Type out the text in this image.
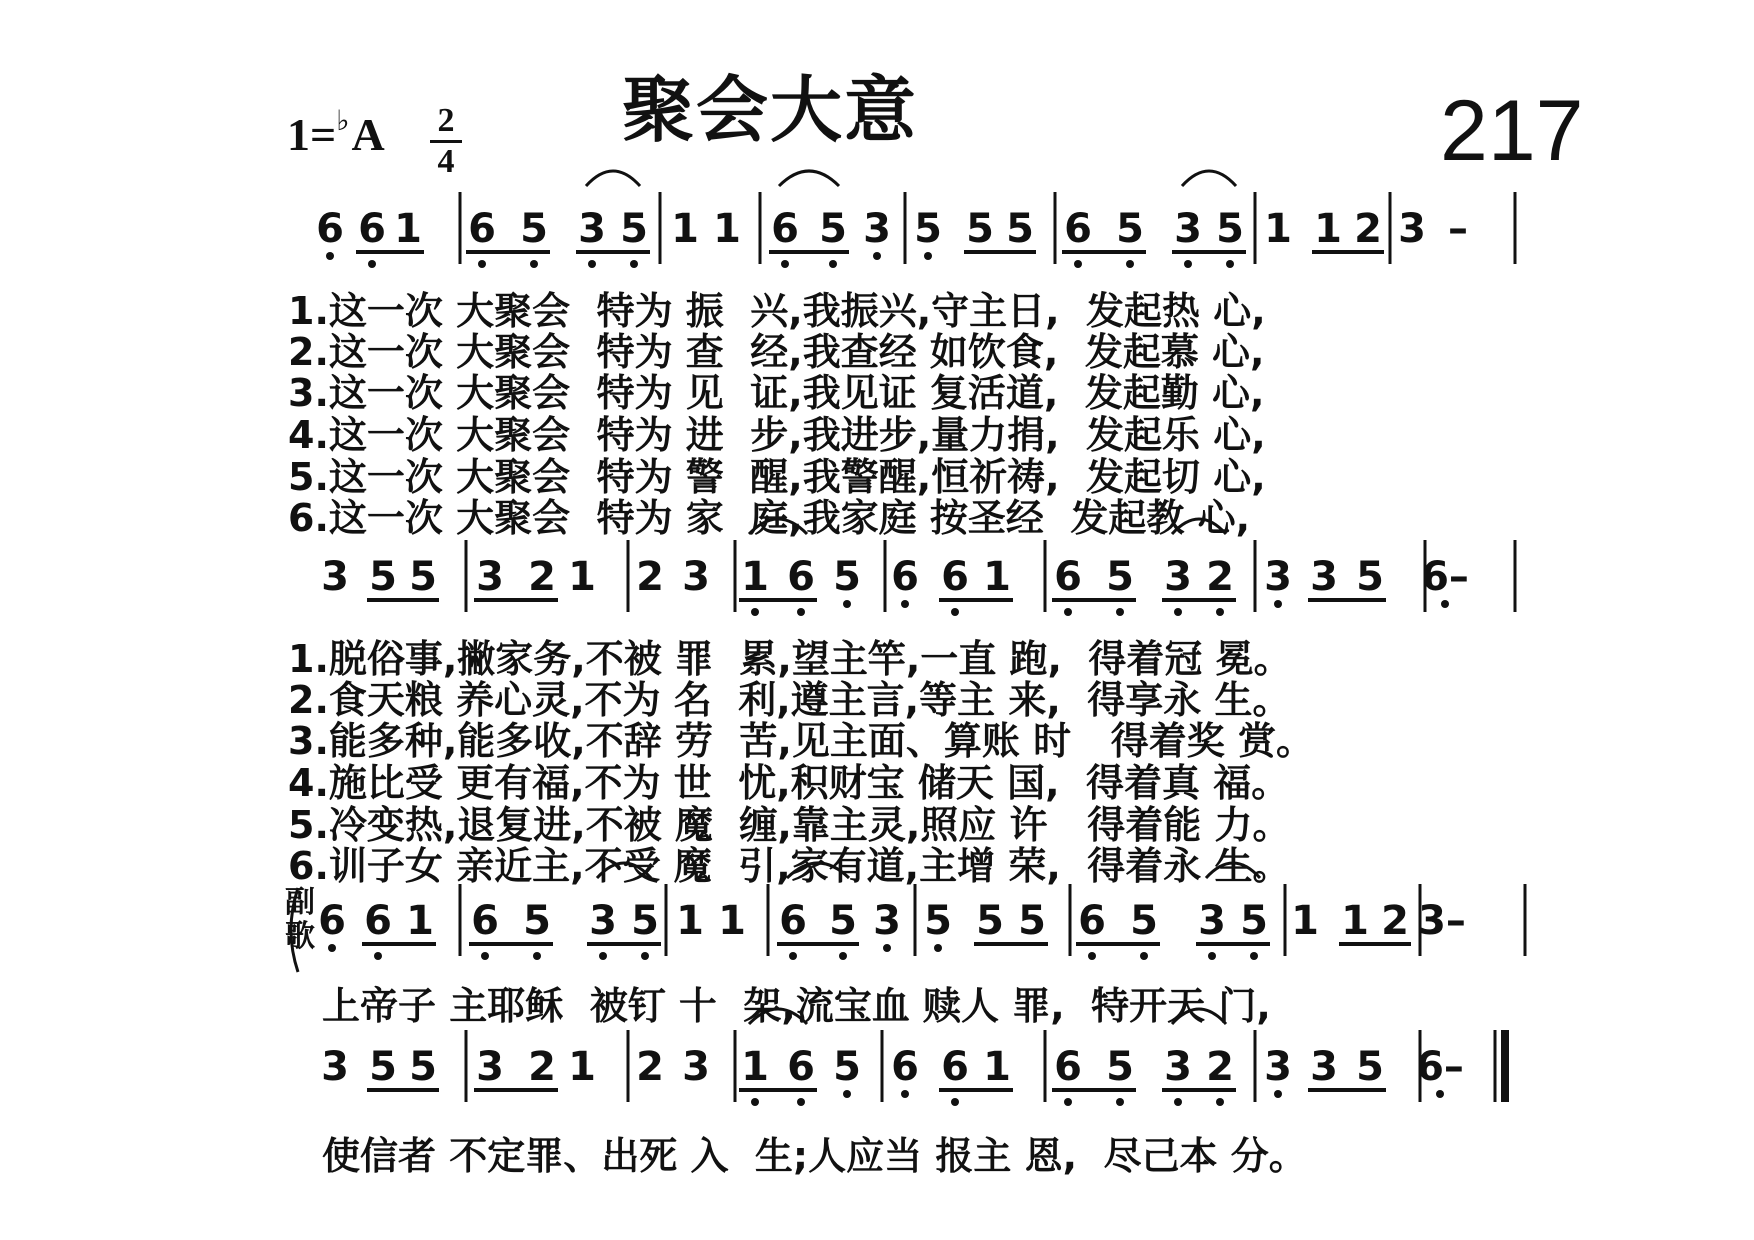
聚会大意	217
1= ♭ A 2
4
6 6 1 6 5 3 5 1 1 6 5 3 5 5 5 6 5 3 5 1 1 2 3 –
3 5 5 3 2 1 2 3 1 6 5 6 6 1 6 5 3 2 3 3 5 6–
6 6 1 6 5 3 5 1 1 6 5 3 5 5 5 6 5 3 5 1 1 2 3–
3 5 5 3 2 1 2 3 1 6 5 6 6 1 6 5 3 2 3 3 5 6–
副
歌
1.这一次 大聚会  特为 振  兴,我振兴,守主日,  发起热 心,
2.这一次 大聚会  特为 查  经,我查经 如饮食,  发起慕 心,
3.这一次 大聚会  特为 见  证,我见证 复活道,  发起勤 心,
4.这一次 大聚会  特为 进  步,我进步,量力捐,  发起乐 心,
5.这一次 大聚会  特为 警  醒,我警醒,恒祈祷,  发起切 心,
6.这一次 大聚会  特为 家  庭,我家庭 按圣经  发起教 心,
1.脱俗事,撇家务,不被 罪  累,望主竿,一直 跑,  得着冠 冕。
2.食天粮 养心灵,不为 名  利,遵主言,等主 来,  得享永 生。
3.能多种,能多收,不辞 劳  苦,见主面、算账 时   得着奖 赏。
4.施比受 更有福,不为 世  忧,积财宝 储天 国,  得着真 福。
5.冷变热,退复进,不被 魔  缠,靠主灵,照应 许   得着能 力。
6.训子女 亲近主,不受 魔  引,家有道,主增 荣,  得着永 生。
上帝子 主耶稣  被钉 十  架,流宝血 赎人 罪,  特开天 门,
使信者 不定罪、出死 入  生;人应当 报主 恩,  尽己本 分。
